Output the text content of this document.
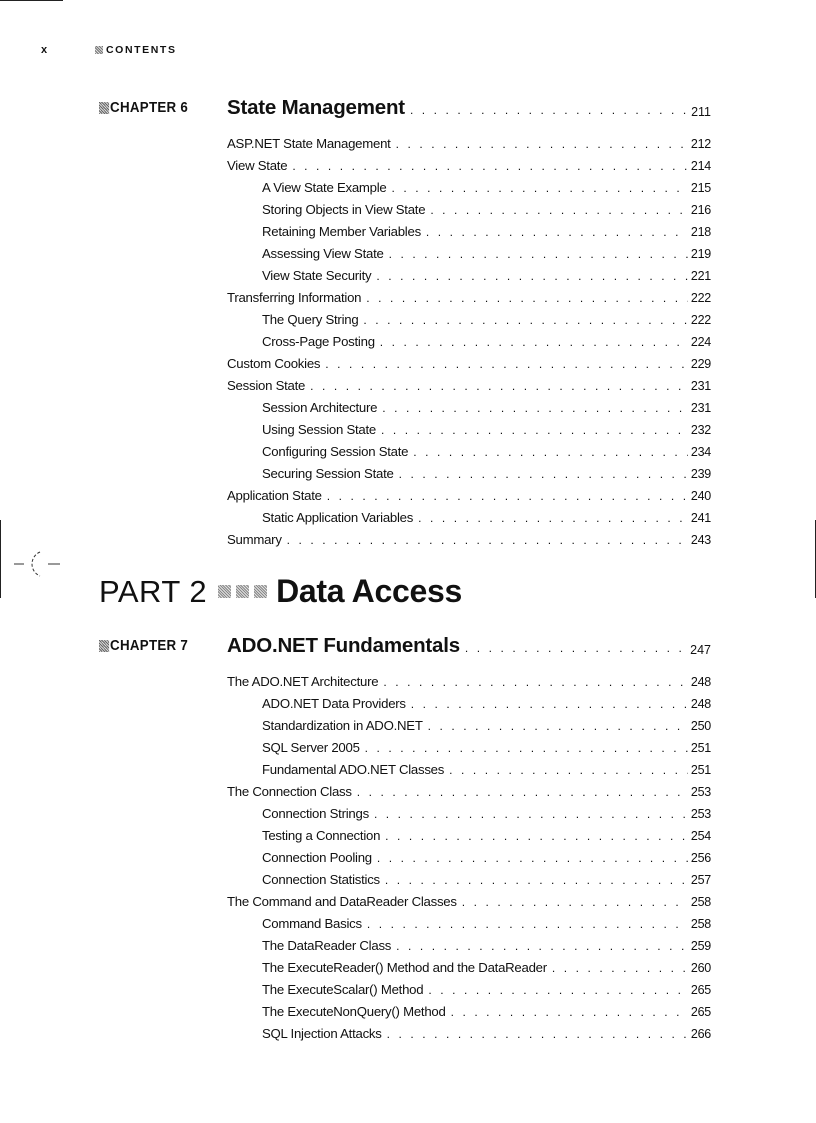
x	CONTENTS
CHAPTER 6 State Management . . .	211
ASP.NET State Management . . .	212
View State . . .	214
A View State Example . . .	215
Storing Objects in View State . . .	216
Retaining Member Variables . . .	218
Assessing View State . . .	219
View State Security . . .	221
Transferring Information . . .	222
The Query String . . .	222
Cross-Page Posting . . .	224
Custom Cookies . . .	229
Session State . . .	231
Session Architecture . . .	231
Using Session State . . .	232
Configuring Session State . . .	234
Securing Session State . . .	239
Application State . . .	240
Static Application Variables . . .	241
Summary . . .	243
PART 2 Data Access
CHAPTER 7 ADO.NET Fundamentals . . .	247
The ADO.NET Architecture . . .	248
ADO.NET Data Providers . . .	248
Standardization in ADO.NET . . .	250
SQL Server 2005 . . .	251
Fundamental ADO.NET Classes . . .	251
The Connection Class . . .	253
Connection Strings . . .	253
Testing a Connection . . .	254
Connection Pooling . . .	256
Connection Statistics . . .	257
The Command and DataReader Classes . . .	258
Command Basics . . .	258
The DataReader Class . . .	259
The ExecuteReader() Method and the DataReader . . .	260
The ExecuteScalar() Method . . .	265
The ExecuteNonQuery() Method . . .	265
SQL Injection Attacks . . .	266
